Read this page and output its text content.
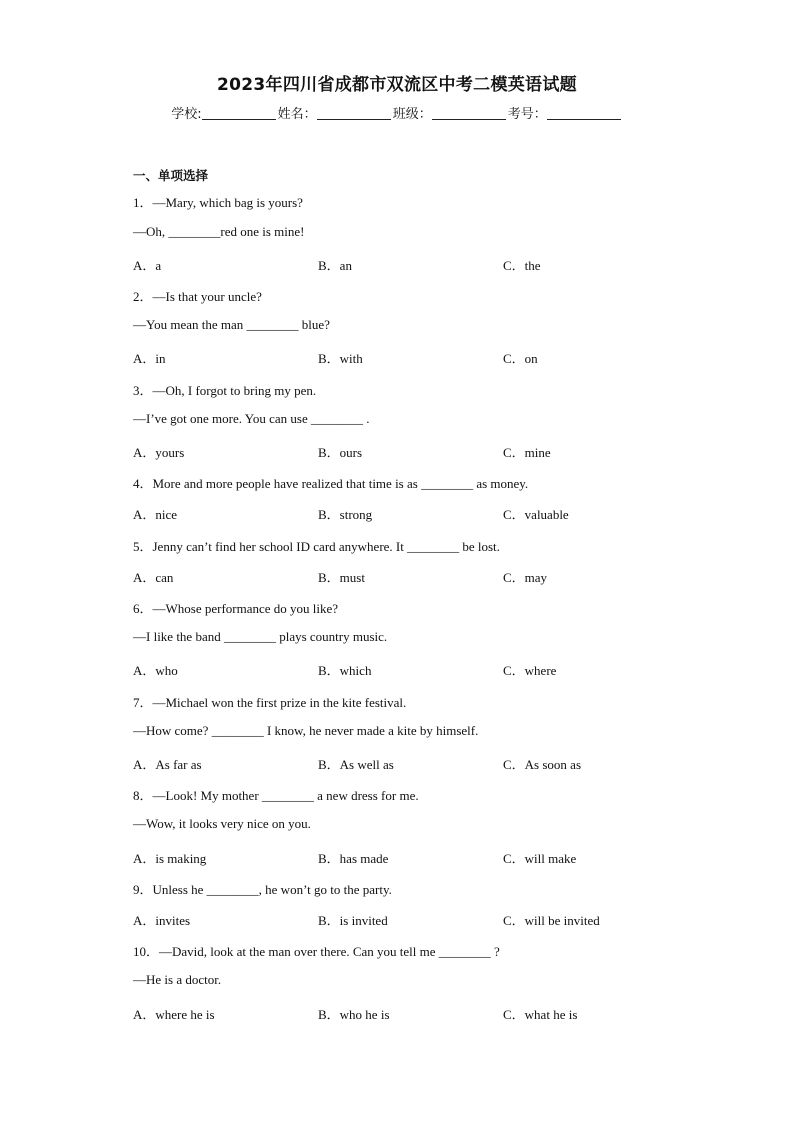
2023年四川省成都市双流区中考二模英语试题
学校:	姓名：	班级：	考号：
一、单项选择
1．—Mary, which bag is yours?
—Oh, ________red one is mine!
A．a	B．an	C．the
2．—Is that your uncle?
—You mean the man ________ blue?
A．in	B．with	C．on
3．—Oh, I forgot to bring my pen.
—I’ve got one more. You can use ________ .
A．yours	B．ours	C．mine
4．More and more people have realized that time is as ________ as money.
A．nice	B．strong	C．valuable
5．Jenny can’t find her school ID card anywhere. It ________ be lost.
A．can	B．must	C．may
6．—Whose performance do you like?
—I like the band ________ plays country music.
A．who	B．which	C．where
7．—Michael won the first prize in the kite festival.
—How come? ________ I know, he never made a kite by himself.
A．As far as	B．As well as	C．As soon as
8．—Look! My mother ________ a new dress for me.
—Wow, it looks very nice on you.
A．is making	B．has made	C．will make
9．Unless he ________, he won’t go to the party.
A．invites	B．is invited	C．will be invited
10．—David, look at the man over there. Can you tell me ________ ?
—He is a doctor.
A．where he is	B．who he is	C．what he is
